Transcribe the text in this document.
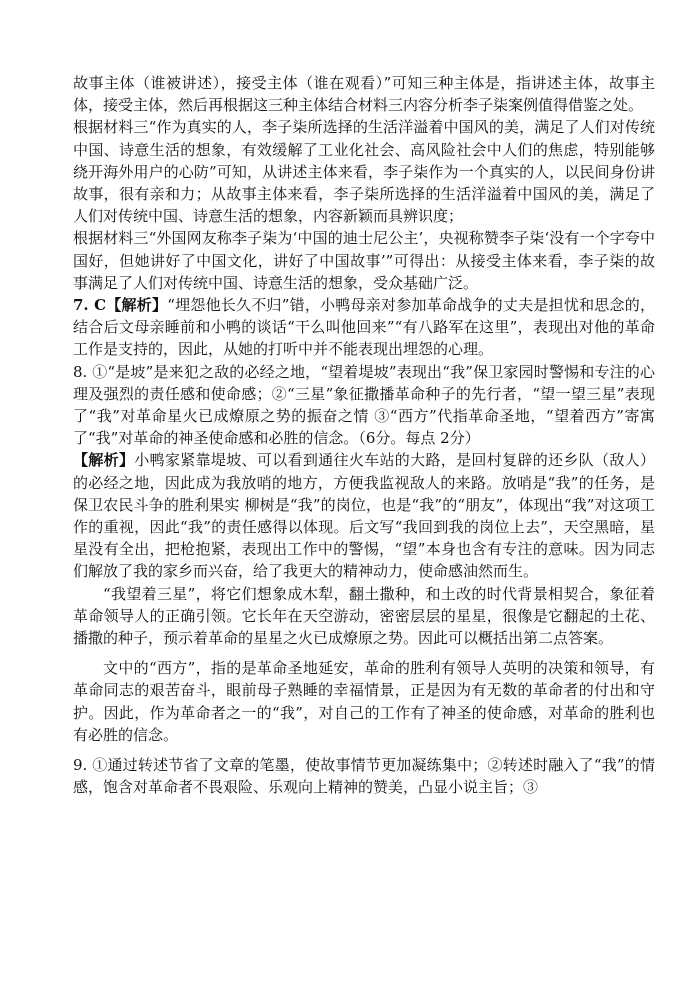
故事主体（谁被讲述），接受主体（谁在观看）”可知三种主体是，指讲述主体，故事主体，接受主体，然后再根据这三种主体结合材料三内容分析李子柒案例值得借鉴之处。

根据材料三“作为真实的人，李子柒所选择的生活洋溢着中国风的美，满足了人们对传统中国、诗意生活的想象，有效缓解了工业化社会、高风险社会中人们的焦虑，特别能够绕开海外用户的心防”可知，从讲述主体来看，李子柒作为一个真实的人，以民间身份讲故事，很有亲和力；从故事主体来看，李子柒所选择的生活洋溢着中国风的美，满足了人们对传统中国、诗意生活的想象，内容新颖而具辨识度；

根据材料三“外国网友称李子柒为‘中国的迪士尼公主’，央视称赞李子柒‘没有一个字夸中国好，但她讲好了中国文化，讲好了中国故事’”可得出：从接受主体来看，李子柒的故事满足了人们对传统中国、诗意生活的想象，受众基础广泛。

7. C【解析】“埋怨他长久不归”错，小鸭母亲对参加革命战争的丈夫是担忧和思念的，结合后文母亲睡前和小鸭的谈话“干么叫他回来”“有八路军在这里”，表现出对他的革命工作是支持的，因此，从她的打听中并不能表现出埋怨的心理。

8. ①“是坡”是来犯之敌的必经之地，“望着堤坡”表现出“我”保卫家园时警惕和专注的心理及强烈的责任感和使命感；②“三星”象征撒播革命种子的先行者，“望一望三星”表现了“我”对革命星火已成燎原之势的振奋之情 ③“西方”代指革命圣地，“望着西方”寄寓了“我”对革命的神圣使命感和必胜的信念。（6分。每点 2分）

【解析】小鸭家紧靠堤坡、可以看到通往火车站的大路，是回村复辟的还乡队（敌人）的必经之地，因此成为我放哨的地方，方便我监视敌人的来路。放哨是“我”的任务，是保卫农民斗争的胜利果实 柳树是“我”的岗位，也是“我”的“朋友”，体现出“我”对这项工作的重视，因此“我”的责任感得以体现。后文写“我回到我的岗位上去”，天空黑暗，星星没有全出，把枪抱紧，表现出工作中的警惕，“望”本身也含有专注的意味。因为同志们解放了我的家乡而兴奋，给了我更大的精神动力，使命感油然而生。

“我望着三星”，将它们想象成木犁，翻土撒种，和土改的时代背景相契合，象征着革命领导人的正确引领。它长年在天空游动，密密层层的星星，很像是它翻起的土花、播撒的种子，预示着革命的星星之火已成燎原之势。因此可以概括出第二点答案。

文中的“西方”，指的是革命圣地延安，革命的胜利有领导人英明的决策和领导，有革命同志的艰苦奋斗，眼前母子熟睡的幸福情景，正是因为有无数的革命者的付出和守护。因此，作为革命者之一的“我”，对自己的工作有了神圣的使命感，对革命的胜利也有必胜的信念。

9. ①通过转述节省了文章的笔墨，使故事情节更加凝练集中；②转述时融入了“我”的情感，饱含对革命者不畏艰险、乐观向上精神的赞美，凸显小说主旨；③
